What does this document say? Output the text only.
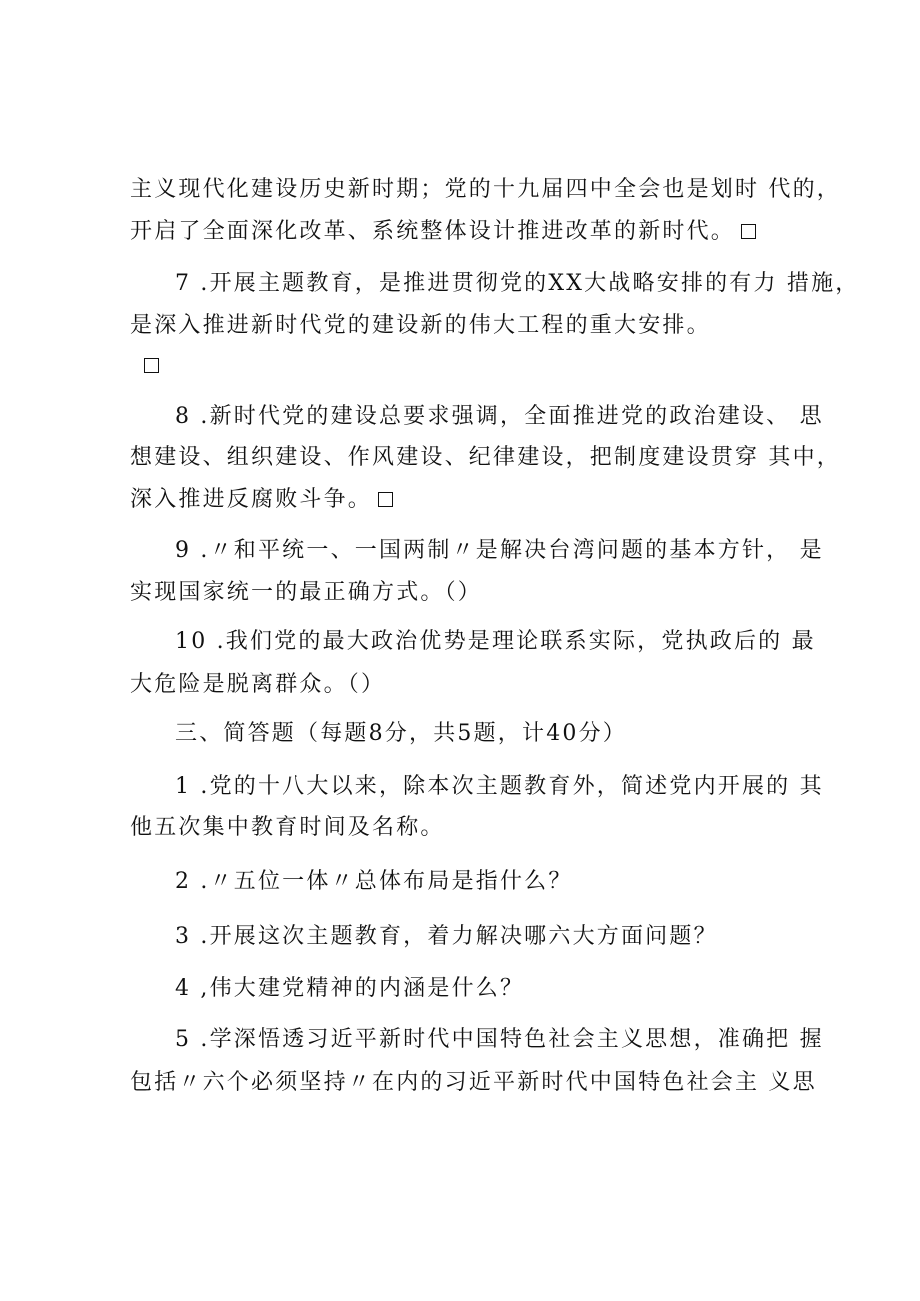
主义现代化建设历史新时期；党的十九届四中全会也是划时 代的，

开启了全面深化改革、系统整体设计推进改革的新时代。

7 .开展主题教育，是推进贯彻党的XX大战略安排的有力 措施，

是深入推进新时代党的建设新的伟大工程的重大安排。

8 .新时代党的建设总要求强调，全面推进党的政治建设、 思

想建设、组织建设、作风建设、纪律建设，把制度建设贯穿 其中，

深入推进反腐败斗争。

9 .〃和平统一、一国两制〃是解决台湾问题的基本方针， 是

实现国家统一的最正确方式。（）

10 .我们党的最大政治优势是理论联系实际，党执政后的 最

大危险是脱离群众。（）

三、简答题（每题8分，共5题，计40分）

1 .党的十八大以来，除本次主题教育外，简述党内开展的 其

他五次集中教育时间及名称。

2 .〃五位一体〃总体布局是指什么？

3 .开展这次主题教育，着力解决哪六大方面问题？

4 ,伟大建党精神的内涵是什么？

5 .学深悟透习近平新时代中国特色社会主义思想，准确把 握

包括〃六个必须坚持〃在内的习近平新时代中国特色社会主 义思
